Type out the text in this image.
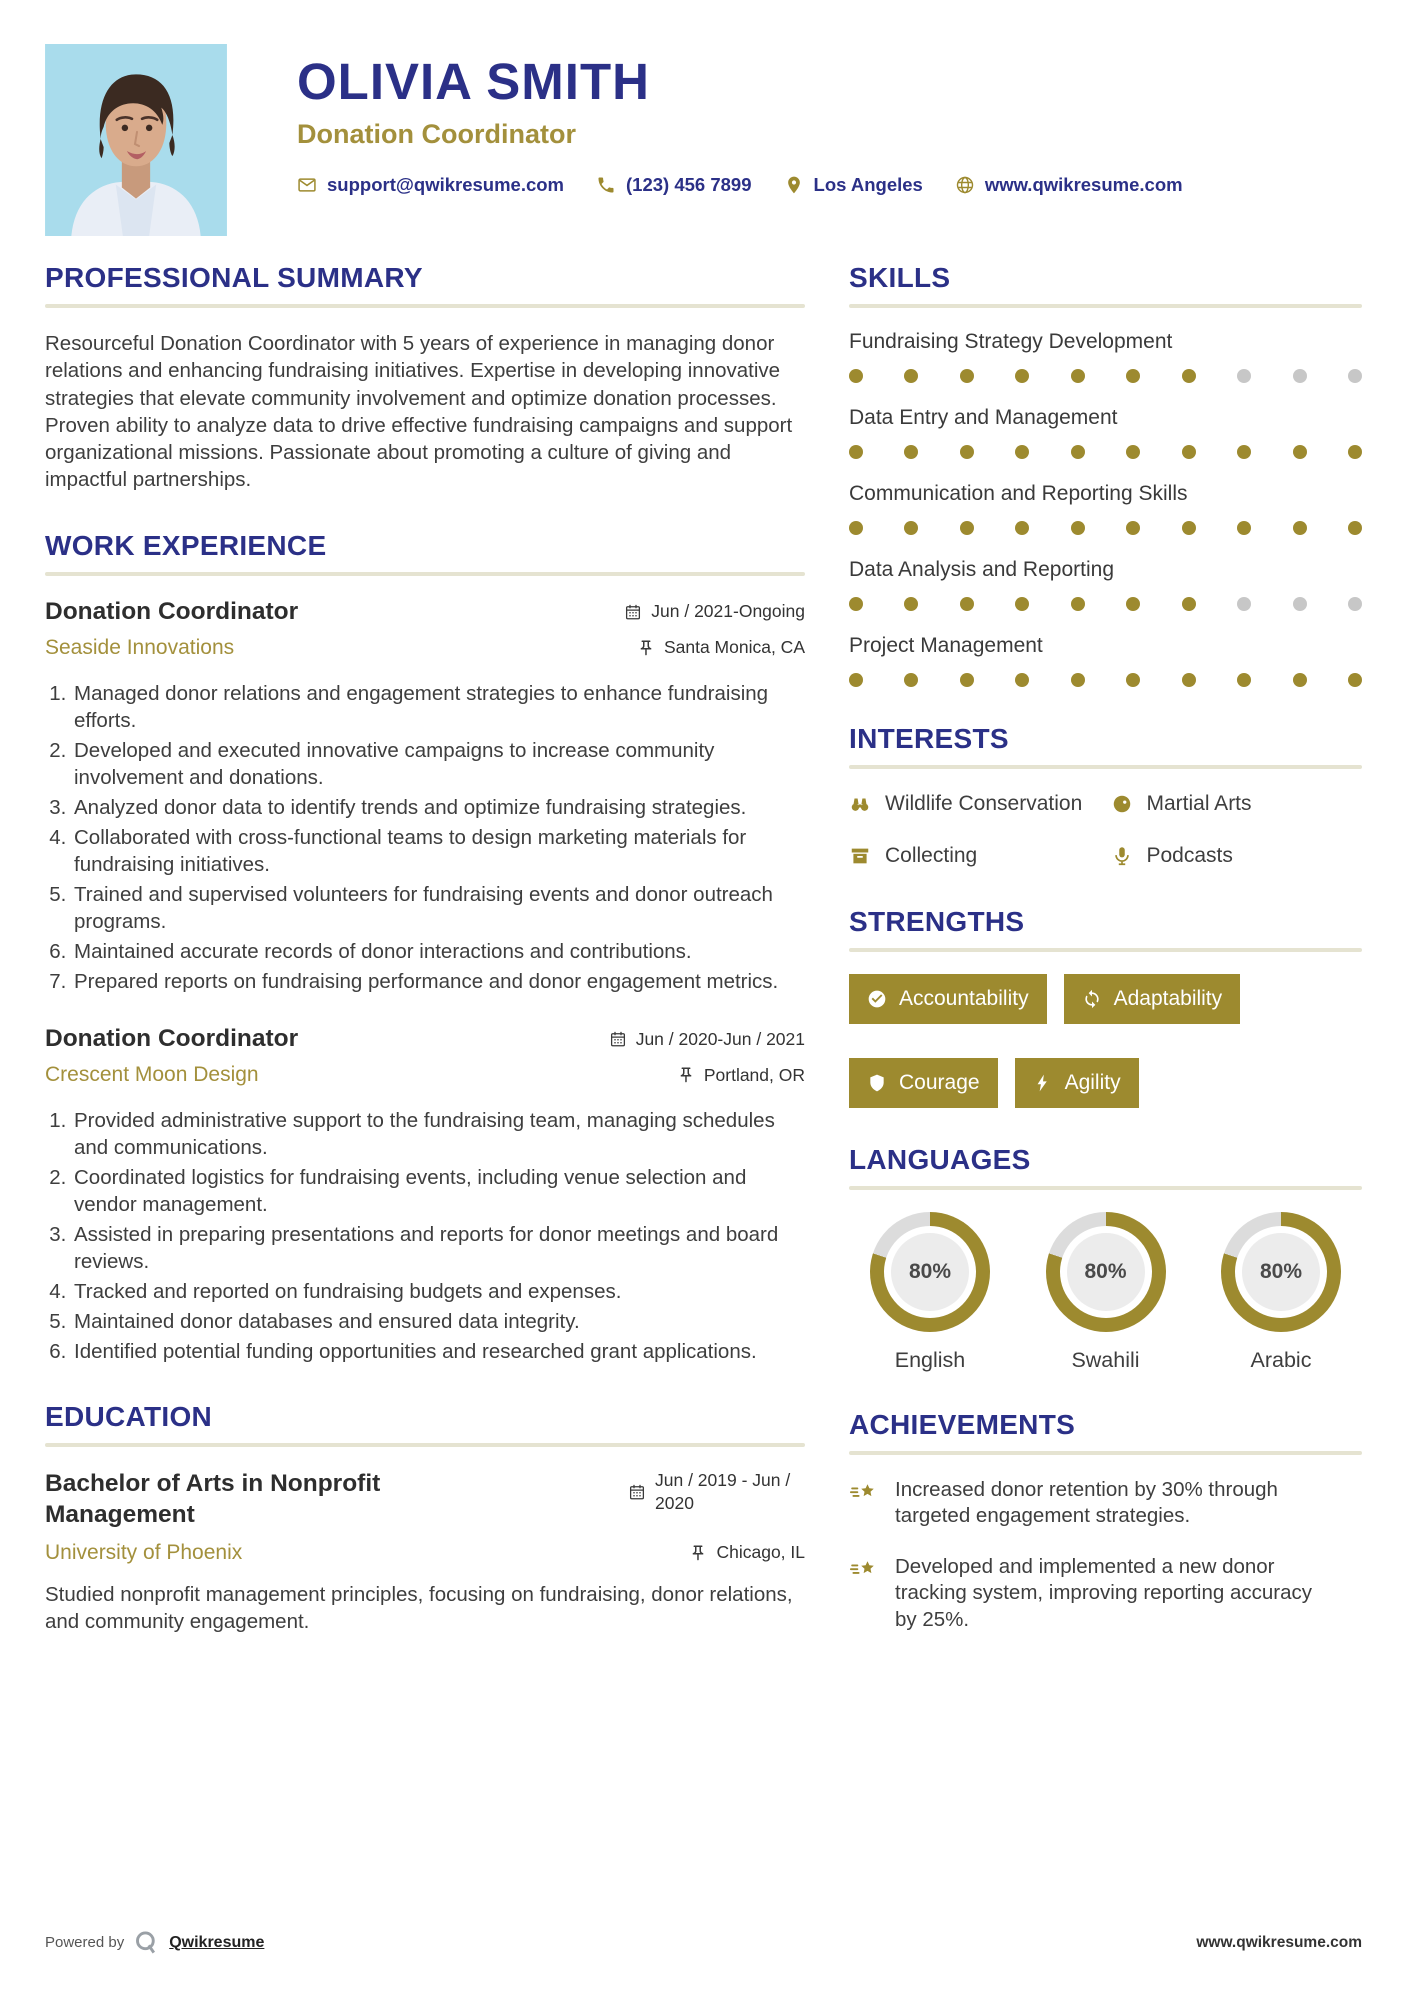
OLIVIA SMITH
Donation Coordinator
support@qwikresume.com	(123) 456 7899	Los Angeles	www.qwikresume.com
PROFESSIONAL SUMMARY

Resourceful Donation Coordinator with 5 years of experience in managing donor relations and enhancing fundraising initiatives. Expertise in developing innovative strategies that elevate community involvement and optimize donation processes. Proven ability to analyze data to drive effective fundraising campaigns and support organizational missions. Passionate about promoting a culture of giving and impactful partnerships.

WORK EXPERIENCE
Donation Coordinator	Jun / 2021-Ongoing
Seaside Innovations	Santa Monica, CA
1. Managed donor relations and engagement strategies to enhance fundraising efforts.
2. Developed and executed innovative campaigns to increase community involvement and donations.
3. Analyzed donor data to identify trends and optimize fundraising strategies.
4. Collaborated with cross-functional teams to design marketing materials for fundraising initiatives.
5. Trained and supervised volunteers for fundraising events and donor outreach programs.
6. Maintained accurate records of donor interactions and contributions.
7. Prepared reports on fundraising performance and donor engagement metrics.
Donation Coordinator	Jun / 2020-Jun / 2021
Crescent Moon Design	Portland, OR
1. Provided administrative support to the fundraising team, managing schedules and communications.
2. Coordinated logistics for fundraising events, including venue selection and vendor management.
3. Assisted in preparing presentations and reports for donor meetings and board reviews.
4. Tracked and reported on fundraising budgets and expenses.
5. Maintained donor databases and ensured data integrity.
6. Identified potential funding opportunities and researched grant applications.
EDUCATION
Bachelor of Arts in Nonprofit Management
Jun / 2019 - Jun / 2020
University of Phoenix	Chicago, IL

Studied nonprofit management principles, focusing on fundraising, donor relations, and community engagement.

SKILLS
Fundraising Strategy Development
Data Entry and Management
Communication and Reporting Skills
Data Analysis and Reporting
Project Management
INTERESTS
Wildlife Conservation	Martial Arts
Collecting	Podcasts
STRENGTHS
Accountability	Adaptability
Courage	Agility
LANGUAGES
80%
English
80%
Swahili
80%
Arabic
ACHIEVEMENTS
Increased donor retention by 30% through targeted engagement strategies.
Developed and implemented a new donor tracking system, improving reporting accuracy by 25%.
Powered by	Qwikresume	www.qwikresume.com
